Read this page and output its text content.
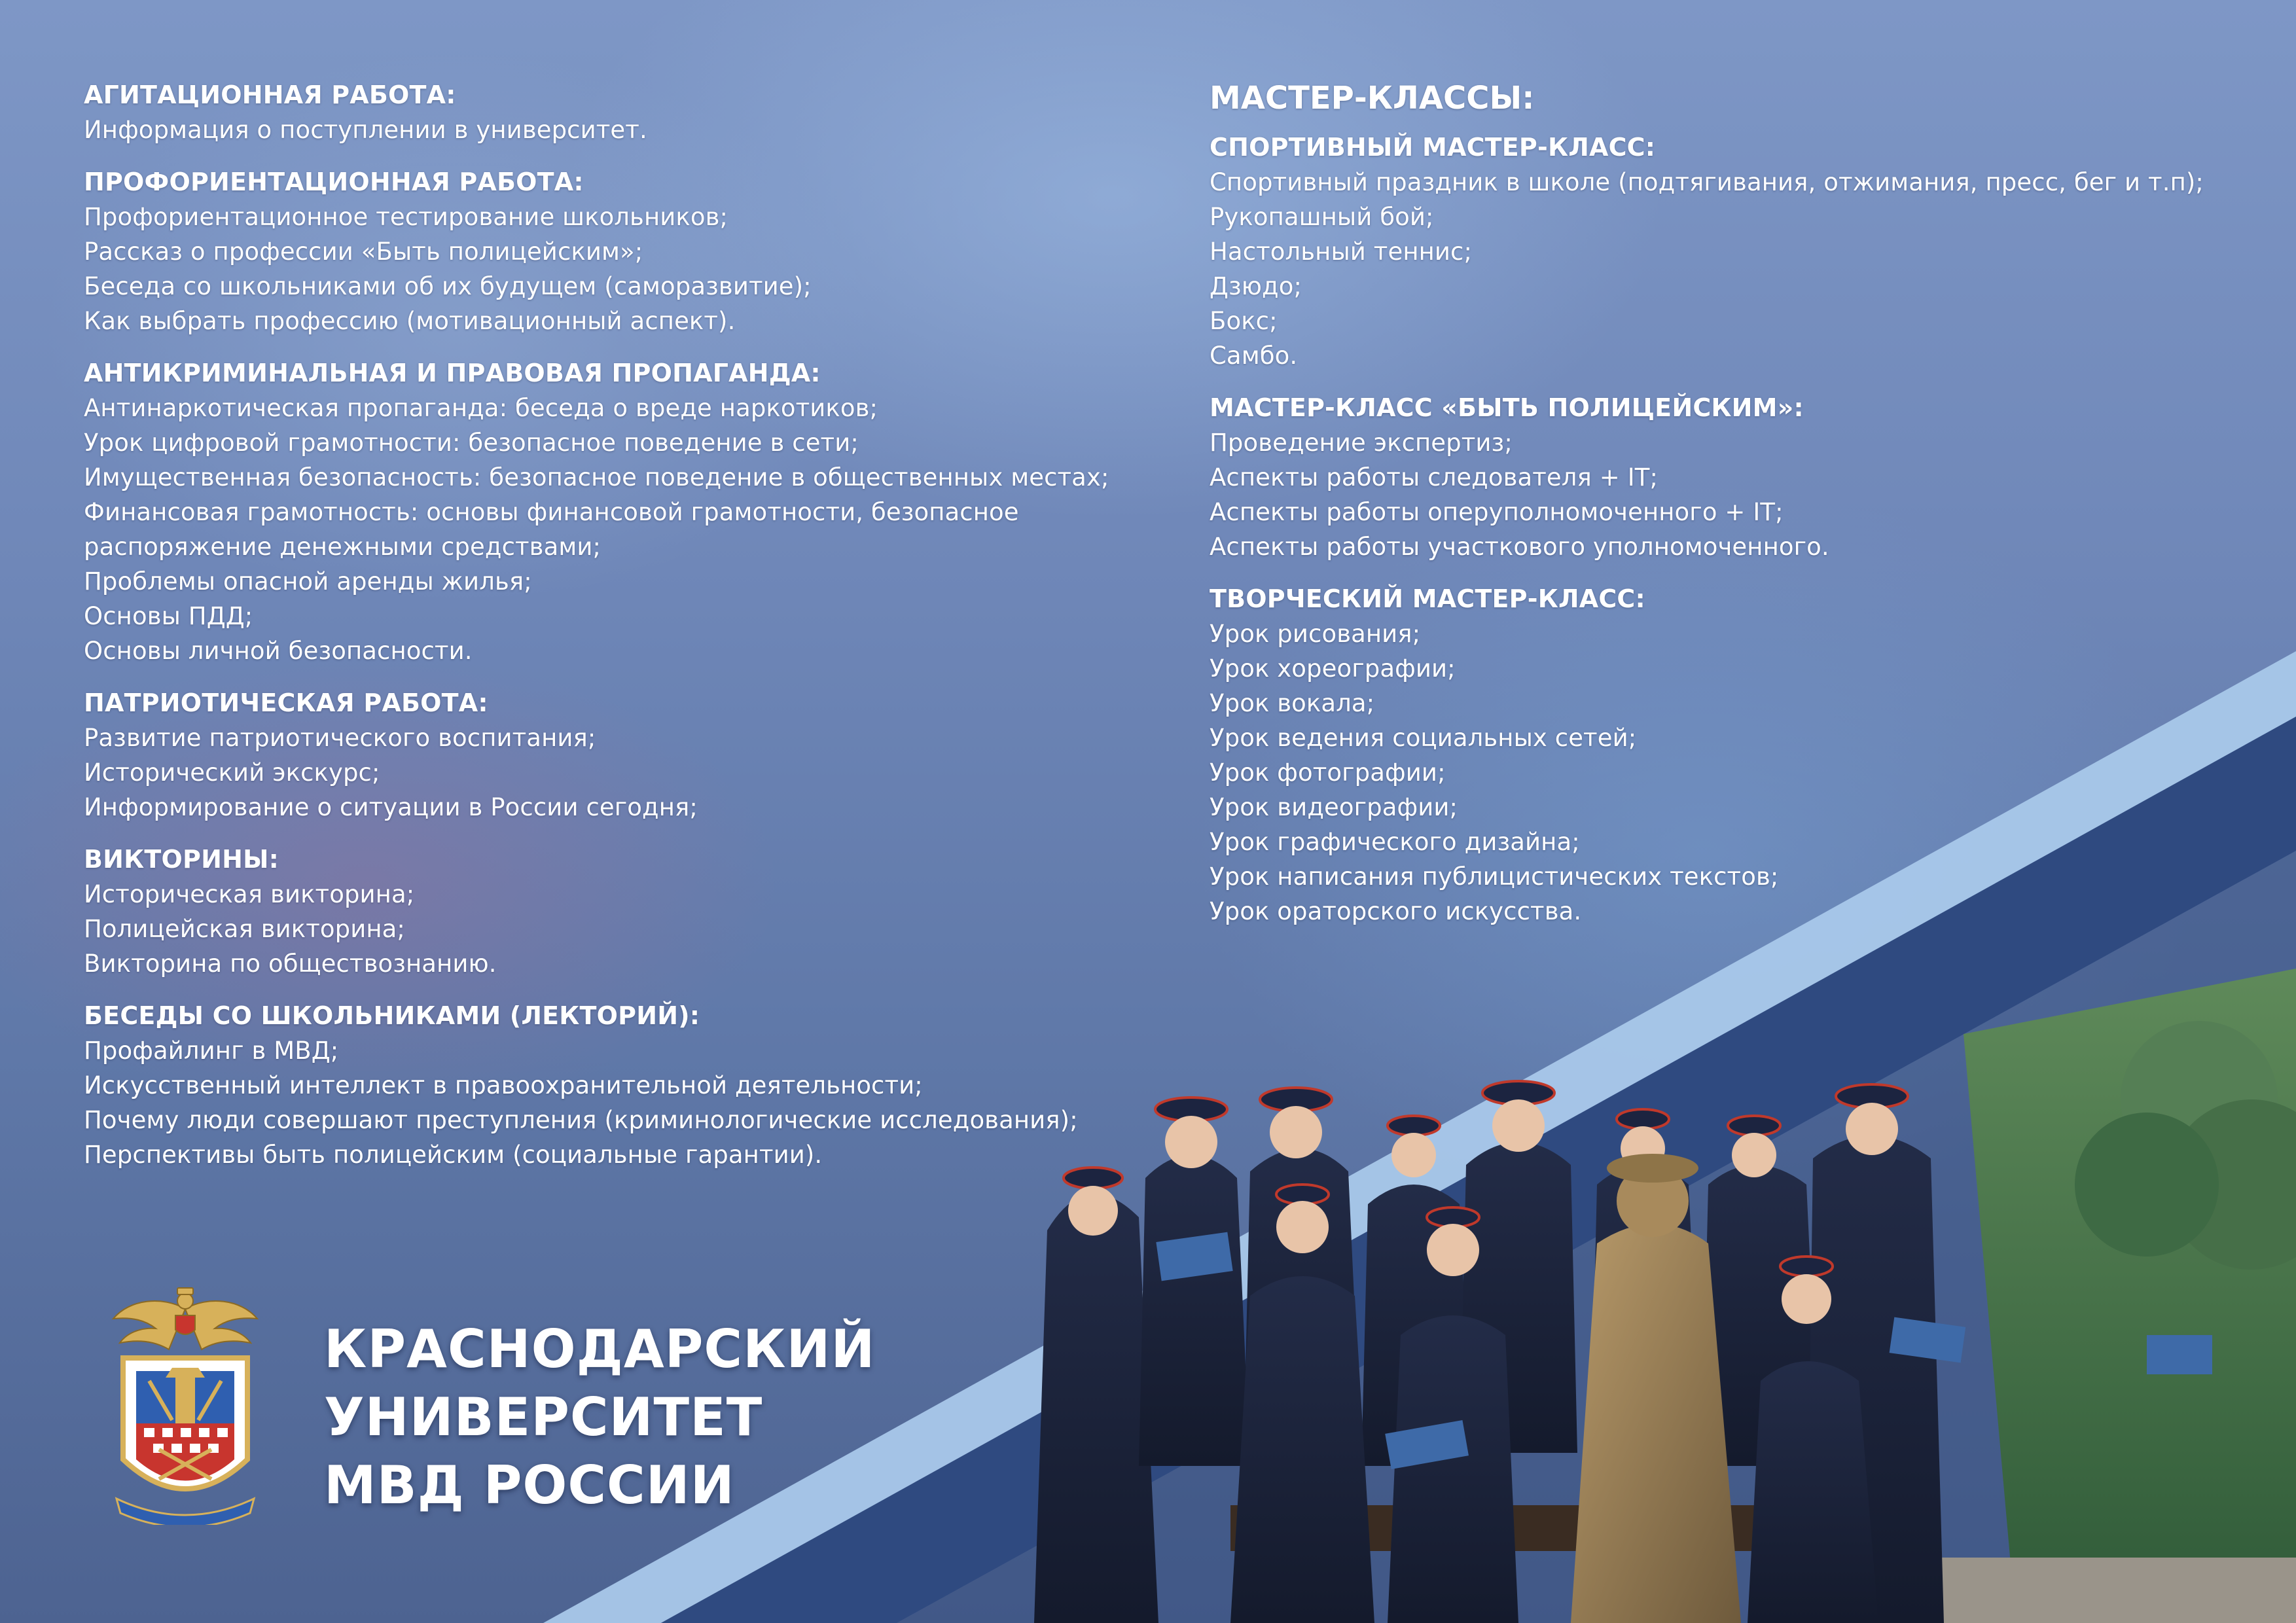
АГИТАЦИОННАЯ РАБОТА:
Информация о поступлении в университет.
ПРОФОРИЕНТАЦИОННАЯ РАБОТА:
Профориентационное тестирование школьников;
Рассказ о профессии «Быть полицейским»;
Беседа со школьниками об их будущем (саморазвитие);
Как выбрать профессию (мотивационный аспект).
АНТИКРИМИНАЛЬНАЯ И ПРАВОВАЯ ПРОПАГАНДА:
Антинаркотическая пропаганда: беседа о вреде наркотиков;
Урок цифровой грамотности: безопасное поведение в сети;
Имущественная безопасность: безопасное поведение в общественных местах;
Финансовая грамотность: основы финансовой грамотности, безопасное распоряжение денежными средствами;
Проблемы опасной аренды жилья;
Основы ПДД;
Основы личной безопасности.
ПАТРИОТИЧЕСКАЯ РАБОТА:
Развитие патриотического воспитания;
Исторический экскурс;
Информирование о ситуации в России сегодня;
ВИКТОРИНЫ:
Историческая викторина;
Полицейская викторина;
Викторина по обществознанию.
БЕСЕДЫ СО ШКОЛЬНИКАМИ (ЛЕКТОРИЙ):
Профайлинг в МВД;
Искусственный интеллект в правоохранительной деятельности;
Почему люди совершают преступления (криминологические исследования);
Перспективы быть полицейским (социальные гарантии).
МАСТЕР-КЛАССЫ:
СПОРТИВНЫЙ МАСТЕР-КЛАСС:
Спортивный праздник в школе (подтягивания, отжимания, пресс, бег и т.п);
Рукопашный бой;
Настольный теннис;
Дзюдо;
Бокс;
Самбо.
МАСТЕР-КЛАСС «БЫТЬ ПОЛИЦЕЙСКИМ»:
Проведение экспертиз;
Аспекты работы следователя + IT;
Аспекты работы оперуполномоченного + IT;
Аспекты работы участкового уполномоченного.
ТВОРЧЕСКИЙ МАСТЕР-КЛАСС:
Урок рисования;
Урок хореографии;
Урок вокала;
Урок ведения социальных сетей;
Урок фотографии;
Урок видеографии;
Урок графического дизайна;
Урок написания публицистических текстов;
Урок ораторского искусства.
КРАСНОДАРСКИЙ
УНИВЕРСИТЕТ
МВД РОССИИ
